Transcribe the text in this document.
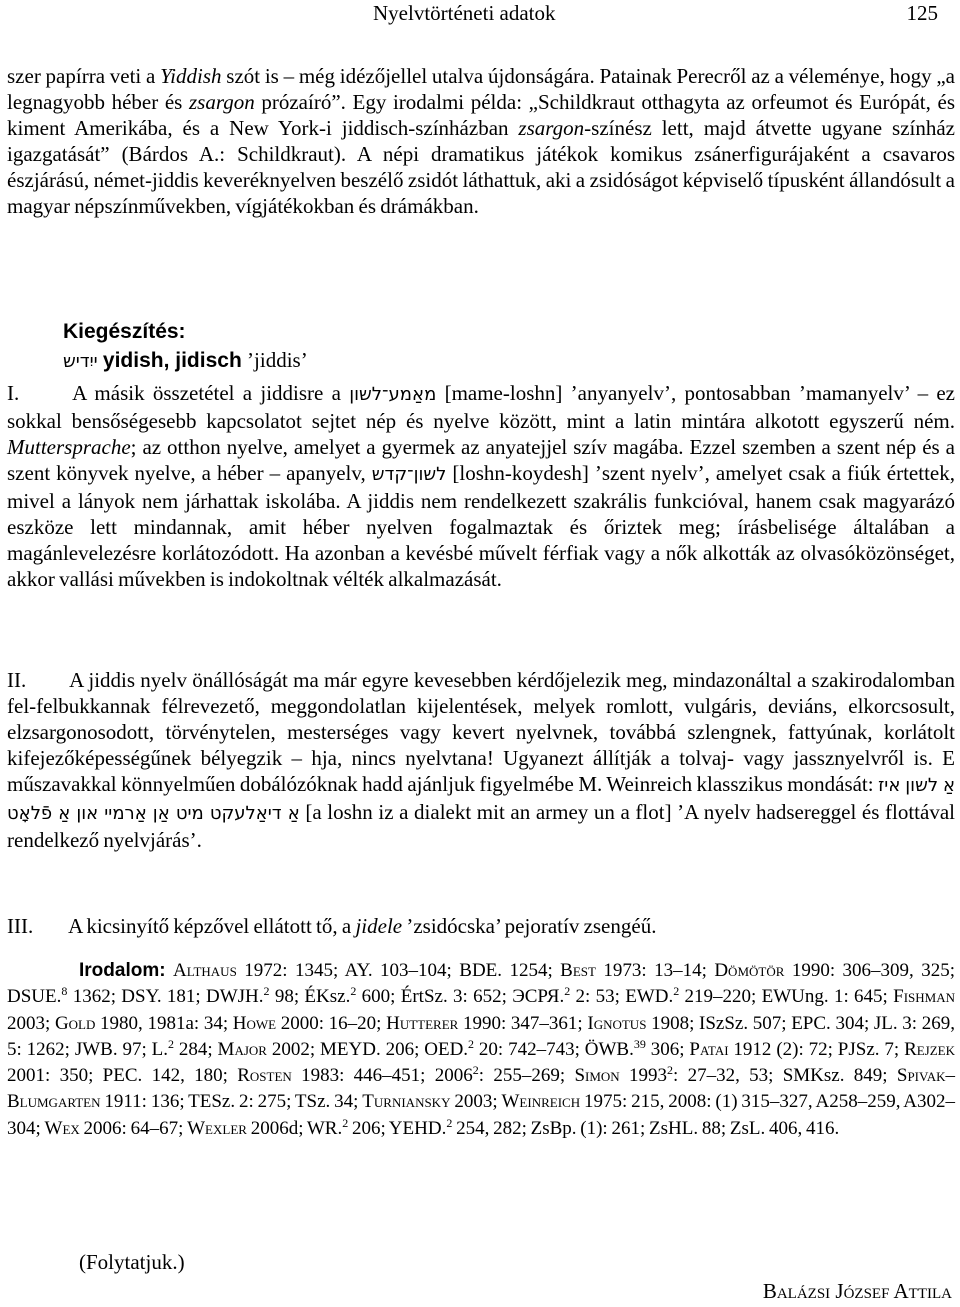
Nyelvtörténeti adatok	125

szer papírra veti a Yiddish szót is – még idézőjellel utalva újdonságára. Patainak Perecről az a véleménye, hogy „a legnagyobb héber és zsargon prózaíró”. Egy irodalmi példa: „Schildkraut otthagyta az orfeumot és Európát, és kiment Amerikába, és a New York-i jiddisch-színházban zsargon-színész lett, majd átvette ugyane színház igazgatását” (Bárdos A.: Schildkraut). A népi dramatikus játékok komikus zsánerfigurájaként a csavaros észjárású, német-jiddis keveréknyelven beszélő zsidót láthattuk, aki a zsidóságot képviselő típusként állandósult a magyar népszínművekben, vígjátékokban és drámákban.

Kiegészítés:
ייִדיש yidish, jidisch ’jiddis’

I. A másik összetétel a jiddisre a מאַמע־לשון [mame-loshn] ’anyanyelv’, pontosabban ’mamanyelv’ – ez sokkal bensőségesebb kapcsolatot sejtet nép és nyelve között, mint a latin mintára alkotott egyszerű ném. Muttersprache; az otthon nyelve, amelyet a gyermek az anyatejjel szív magába. Ezzel szemben a szent nép és a szent könyvek nyelve, a héber – apanyelv, לשון־קדש [loshn-koydesh] ’szent nyelv’, amelyet csak a fiúk értettek, mivel a lányok nem járhattak iskolába. A jiddis nem rendelkezett szakrális funkcióval, hanem csak magyarázó eszköze lett mindannak, amit héber nyelven fogalmaztak és őriztek meg; írásbelisége általában a magánlevelezésre korlátozódott. Ha azonban a kevésbé művelt férfiak vagy a nők alkották az olvasóközönséget, akkor vallási művekben is indokoltnak vélték alkalmazását.

II. A jiddis nyelv önállóságát ma már egyre kevesebben kérdőjelezik meg, mindazonáltal a szakirodalomban fel-felbukkannak félrevezető, meggondolatlan kijelentések, melyek romlott, vulgáris, deviáns, elkorcsosult, elzsargonosodott, törvénytelen, mesterséges vagy kevert nyelvnek, továbbá szlengnek, fattyúnak, korlátolt kifejezőképességűnek bélyegzik – hja, nincs nyelvtana! Ugyanezt állítják a tolvaj- vagy jassznyelvről is. E műszavakkal könnyelműen dobálózóknak hadd ajánljuk figyelmébe M. Weinreich klasszikus mondását: אַ לשון איז אַ דיאַלעקט מיט אַן אַרמיי און אַ פֿלאָט [a loshn iz a dialekt mit an armey un a flot] ’A nyelv hadsereggel és flottával rendelkező nyelvjárás’.

III. A kicsinyítő képzővel ellátott tő, a jidele ’zsidócska’ pejoratív zsengéű.

Irodalom: Althaus 1972: 1345; AY. 103–104; BDE. 1254; Best 1973: 13–14; Dömötör 1990: 306–309, 325; DSUE.$^8$ 1362; DSY. 181; DWJH.$^2$ 98; ÉKsz.$^2$ 600; ÉrtSz. 3: 652; ЭСРЯ.$^2$ 2: 53; EWD.$^2$ 219–220; EWUng. 1: 645; Fishman 2003; Gold 1980, 1981a: 34; Howe 2000: 16–20; Hutterer 1990: 347–361; Ignotus 1908; ISzSz. 507; EPC. 304; JL. 3: 269, 5: 1262; JWB. 97; L.$^2$ 284; Major 2002; MEYD. 206; OED.$^2$ 20: 742–743; ÖWB.$^{39}$ 306; Patai 1912 (2): 72; PJSz. 7; Rejzek 2001: 350; PEC. 142, 180; Rosten 1983: 446–451; 2006$^2$: 255–269; Simon 1993$^2$: 27–32, 53; SMKsz. 849; Spivak–Blumgarten 1911: 136; TESz. 2: 275; TSz. 34; Turniansky 2003; Weinreich 1975: 215, 2008: (1) 315–327, A258–259, A302–304; Wex 2006: 64–67; Wexler 2006d; WR.$^2$ 206; YEHD.$^2$ 254, 282; ZsBp. (1): 261; ZsHL. 88; ZsL. 406, 416.
(Folytatjuk.)
Balázsi József Attila
